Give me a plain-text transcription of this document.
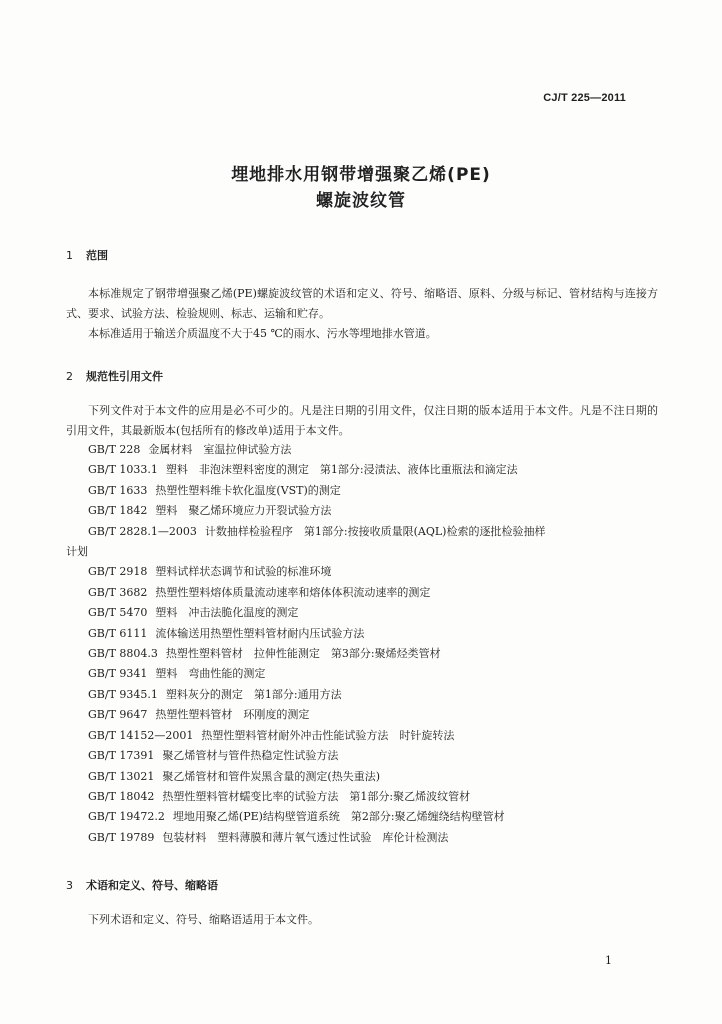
CJ/T 225—2011
埋地排水用钢带增强聚乙烯(PE)
螺旋波纹管
1 范围

本标准规定了钢带增强聚乙烯(PE)螺旋波纹管的术语和定义、符号、缩略语、原料、分级与标记、管材结构与连接方式、要求、试验方法、检验规则、标志、运输和贮存。

本标准适用于输送介质温度不大于45 ℃的雨水、污水等埋地排水管道。

2 规范性引用文件

下列文件对于本文件的应用是必不可少的。凡是注日期的引用文件，仅注日期的版本适用于本文件。凡是不注日期的引用文件，其最新版本(包括所有的修改单)适用于本文件。

GB/T 228 金属材料　室温拉伸试验方法
GB/T 1033.1 塑料　非泡沫塑料密度的测定　第1部分:浸渍法、液体比重瓶法和滴定法
GB/T 1633 热塑性塑料维卡软化温度(VST)的测定
GB/T 1842 塑料　聚乙烯环境应力开裂试验方法
GB/T 2828.1—2003 计数抽样检验程序　第1部分:按接收质量限(AQL)检索的逐批检验抽样
计划
GB/T 2918 塑料试样状态调节和试验的标准环境
GB/T 3682 热塑性塑料熔体质量流动速率和熔体体积流动速率的测定
GB/T 5470 塑料　冲击法脆化温度的测定
GB/T 6111 流体输送用热塑性塑料管材耐内压试验方法
GB/T 8804.3 热塑性塑料管材　拉伸性能测定　第3部分:聚烯烃类管材
GB/T 9341 塑料　弯曲性能的测定
GB/T 9345.1 塑料灰分的测定　第1部分:通用方法
GB/T 9647 热塑性塑料管材　环刚度的测定
GB/T 14152—2001 热塑性塑料管材耐外冲击性能试验方法　时针旋转法
GB/T 17391 聚乙烯管材与管件热稳定性试验方法
GB/T 13021 聚乙烯管材和管件炭黑含量的测定(热失重法)
GB/T 18042 热塑性塑料管材蠕变比率的试验方法　第1部分:聚乙烯波纹管材
GB/T 19472.2 埋地用聚乙烯(PE)结构壁管道系统　第2部分:聚乙烯缠绕结构壁管材
GB/T 19789 包装材料　塑料薄膜和薄片氧气透过性试验　库伦计检测法
3 术语和定义、符号、缩略语

下列术语和定义、符号、缩略语适用于本文件。

1
